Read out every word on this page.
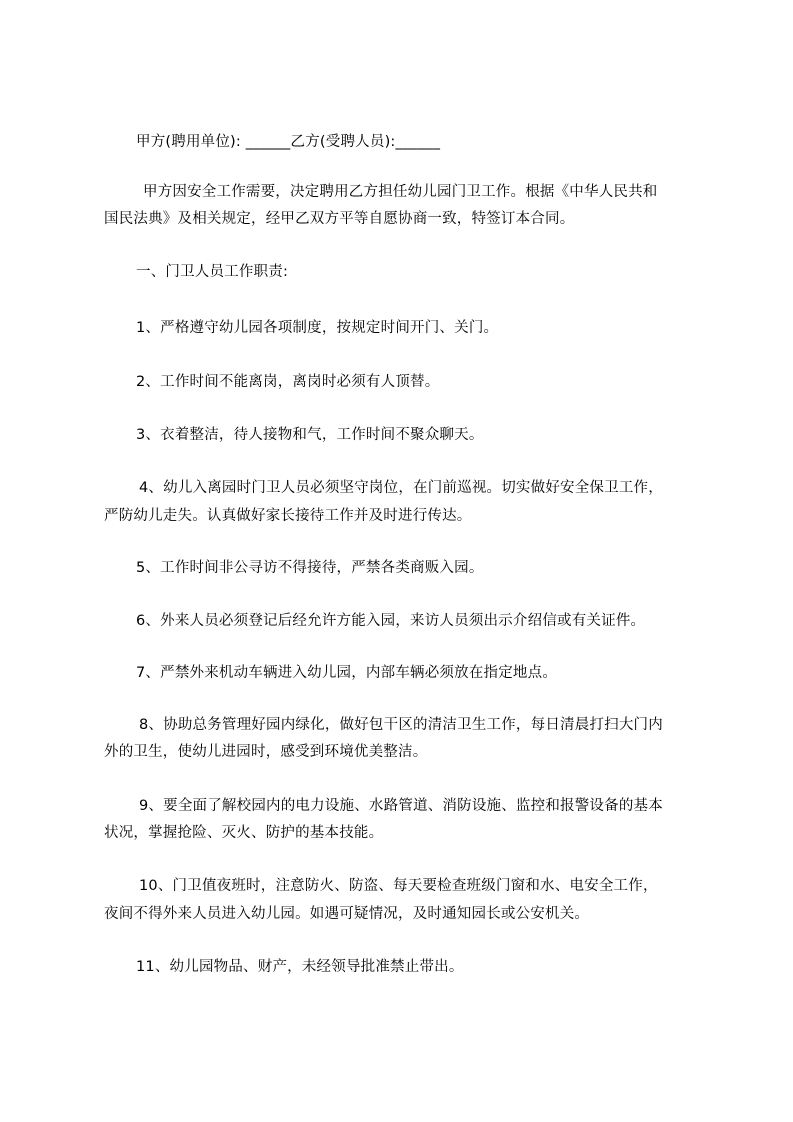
甲方(聘用单位): ______乙方(受聘人员):______
甲方因安全工作需要，决定聘用乙方担任幼儿园门卫工作。根据《中华人民共和
国民法典》及相关规定，经甲乙双方平等自愿协商一致，特签订本合同。
一、门卫人员工作职责:
1、严格遵守幼儿园各项制度，按规定时间开门、关门。
2、工作时间不能离岗，离岗时必须有人顶替。
3、衣着整洁，待人接物和气，工作时间不聚众聊天。
4、幼儿入离园时门卫人员必须坚守岗位，在门前巡视。切实做好安全保卫工作，
严防幼儿走失。认真做好家长接待工作并及时进行传达。
5、工作时间非公寻访不得接待，严禁各类商贩入园。
6、外来人员必须登记后经允许方能入园，来访人员须出示介绍信或有关证件。
7、严禁外来机动车辆进入幼儿园，内部车辆必须放在指定地点。
8、协助总务管理好园内绿化，做好包干区的清洁卫生工作，每日清晨打扫大门内
外的卫生，使幼儿进园时，感受到环境优美整洁。
9、要全面了解校园内的电力设施、水路管道、消防设施、监控和报警设备的基本
状况，掌握抢险、灭火、防护的基本技能。
10、门卫值夜班时，注意防火、防盗、每天要检查班级门窗和水、电安全工作，
夜间不得外来人员进入幼儿园。如遇可疑情况，及时通知园长或公安机关。
11、幼儿园物品、财产，未经领导批准禁止带出。
